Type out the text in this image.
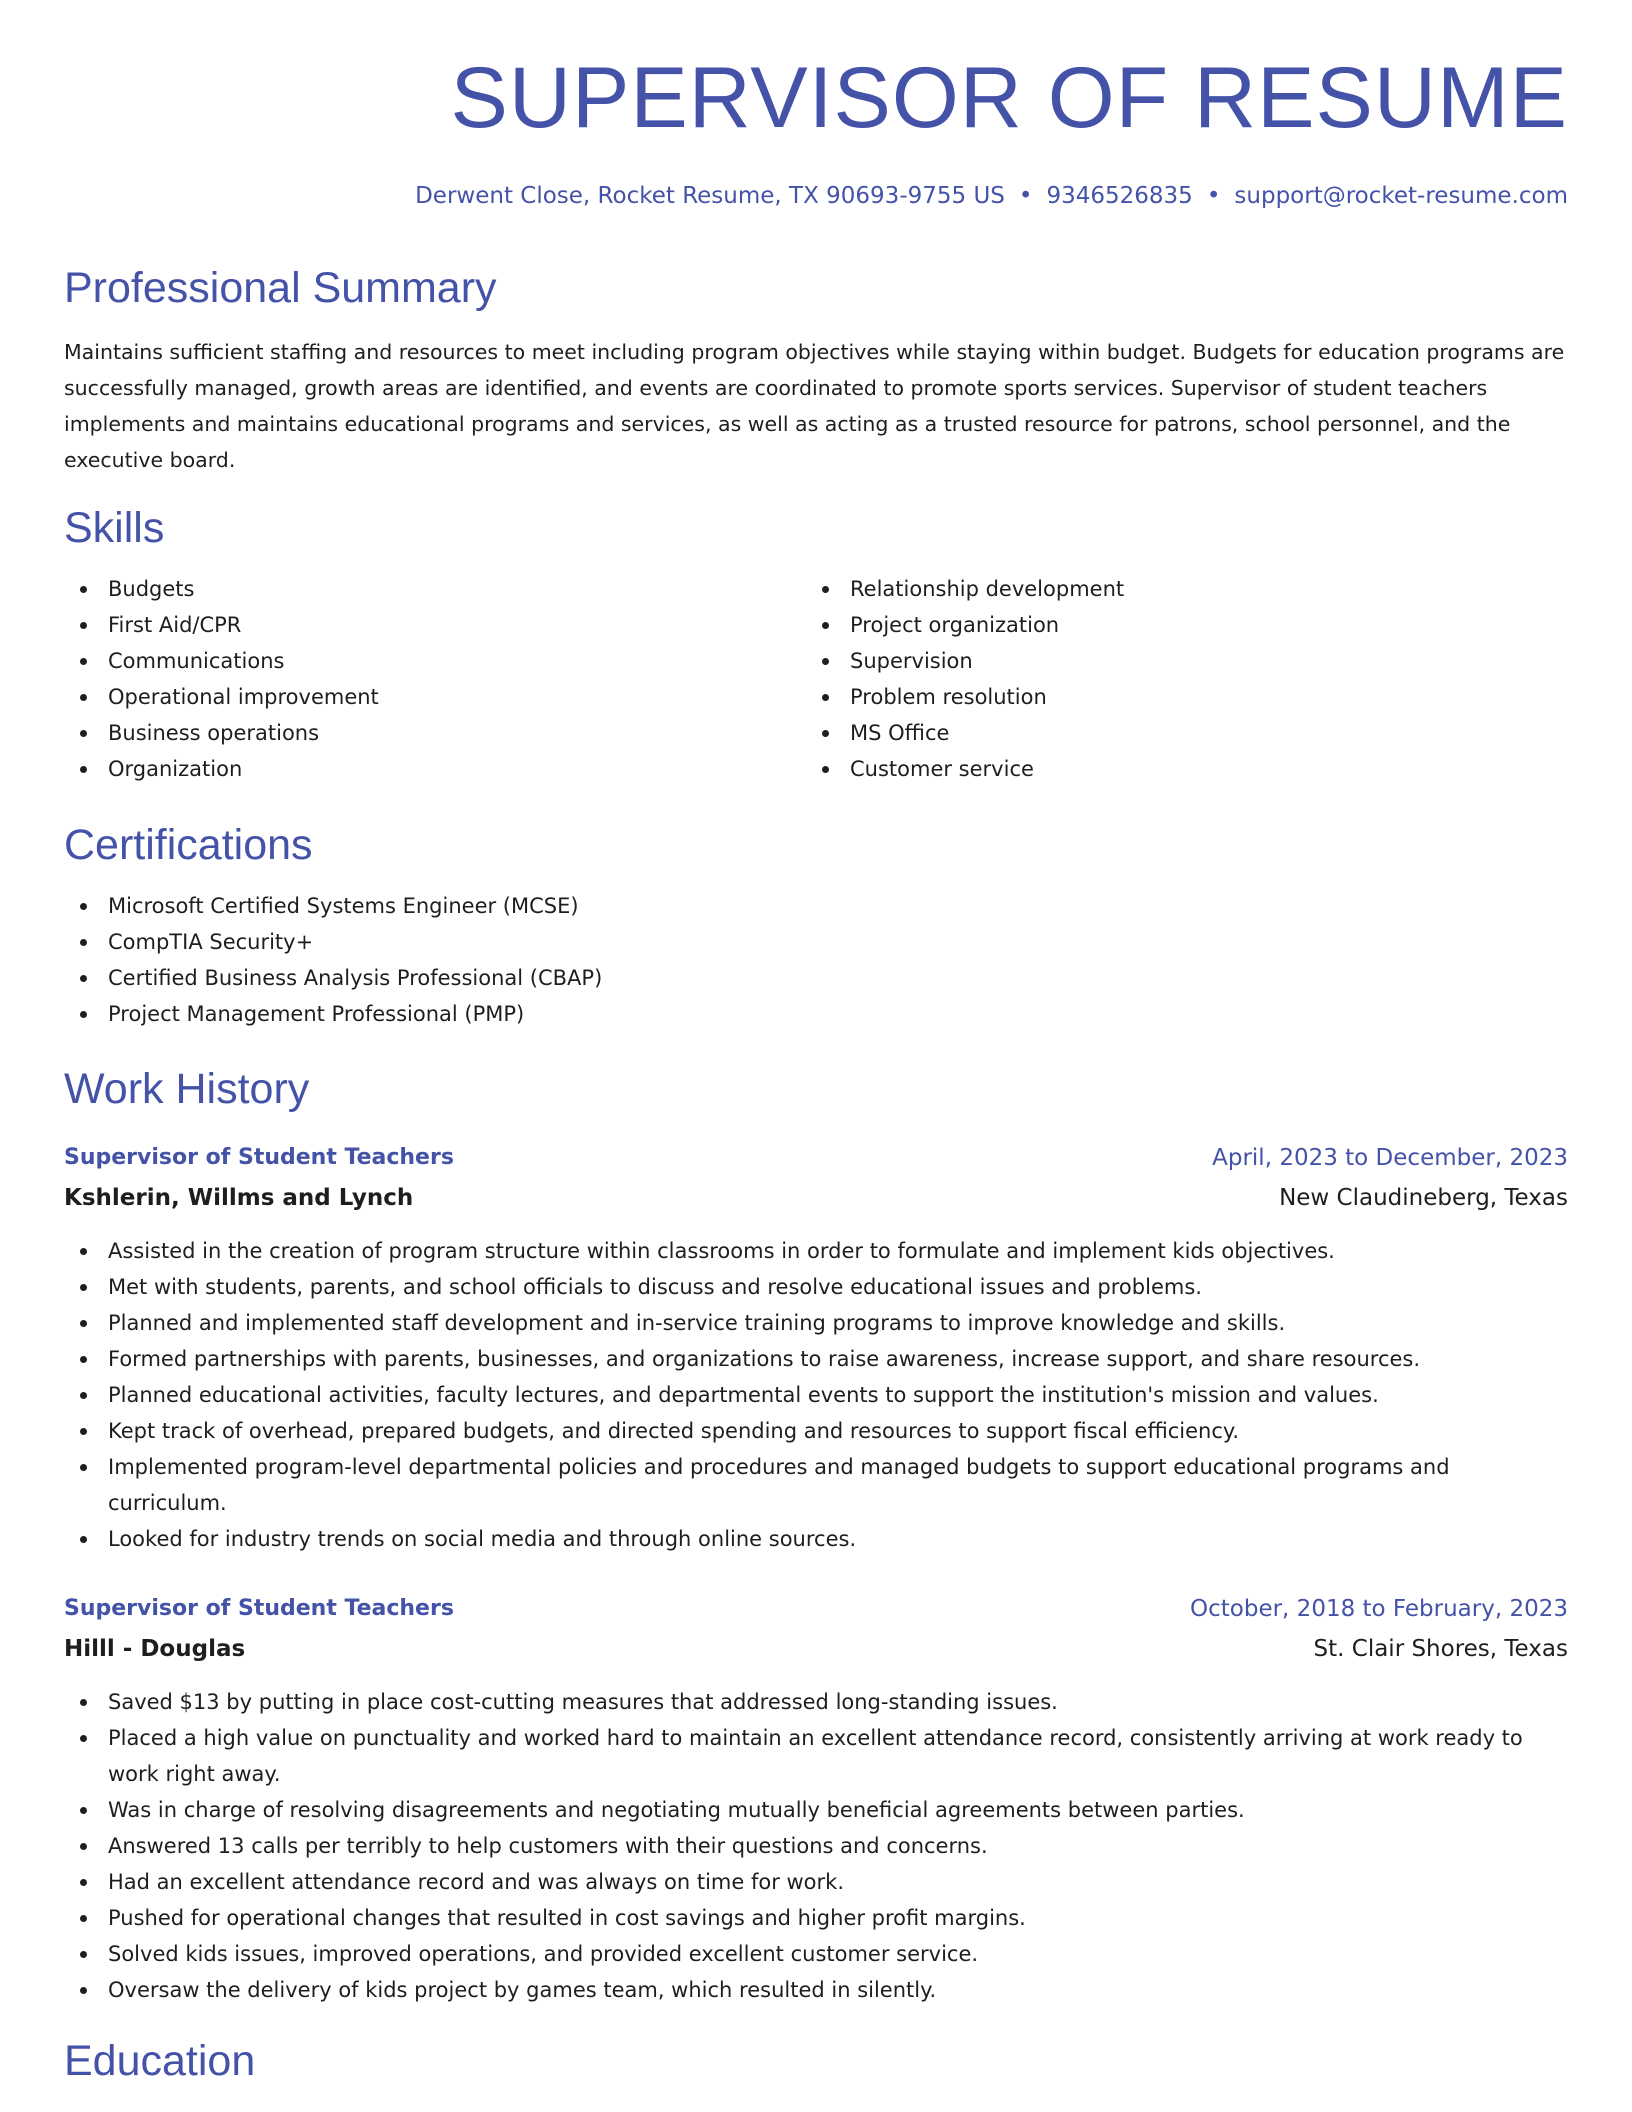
SUPERVISOR OF RESUME
Derwent Close, Rocket Resume, TX 90693-9755 US • 9346526835 • support@rocket-resume.com
Professional Summary

Maintains sufficient staffing and resources to meet including program objectives while staying within budget. Budgets for education programs are successfully managed, growth areas are identified, and events are coordinated to promote sports services. Supervisor of student teachers implements and maintains educational programs and services, as well as acting as a trusted resource for patrons, school personnel, and the executive board.

Skills
Budgets
First Aid/CPR
Communications
Operational improvement
Business operations
Organization
Relationship development
Project organization
Supervision
Problem resolution
MS Office
Customer service
Certifications
Microsoft Certified Systems Engineer (MCSE)
CompTIA Security+
Certified Business Analysis Professional (CBAP)
Project Management Professional (PMP)
Work History
Supervisor of Student Teachers	April, 2023 to December, 2023
Kshlerin, Willms and Lynch	New Claudineberg, Texas
Assisted in the creation of program structure within classrooms in order to formulate and implement kids objectives.
Met with students, parents, and school officials to discuss and resolve educational issues and problems.
Planned and implemented staff development and in-service training programs to improve knowledge and skills.
Formed partnerships with parents, businesses, and organizations to raise awareness, increase support, and share resources.
Planned educational activities, faculty lectures, and departmental events to support the institution's mission and values.
Kept track of overhead, prepared budgets, and directed spending and resources to support fiscal efficiency.
Implemented program-level departmental policies and procedures and managed budgets to support educational programs and curriculum.
Looked for industry trends on social media and through online sources.
Supervisor of Student Teachers	October, 2018 to February, 2023
Hilll - Douglas	St. Clair Shores, Texas
Saved $13 by putting in place cost-cutting measures that addressed long-standing issues.
Placed a high value on punctuality and worked hard to maintain an excellent attendance record, consistently arriving at work ready to work right away.
Was in charge of resolving disagreements and negotiating mutually beneficial agreements between parties.
Answered 13 calls per terribly to help customers with their questions and concerns.
Had an excellent attendance record and was always on time for work.
Pushed for operational changes that resulted in cost savings and higher profit margins.
Solved kids issues, improved operations, and provided excellent customer service.
Oversaw the delivery of kids project by games team, which resulted in silently.
Education
